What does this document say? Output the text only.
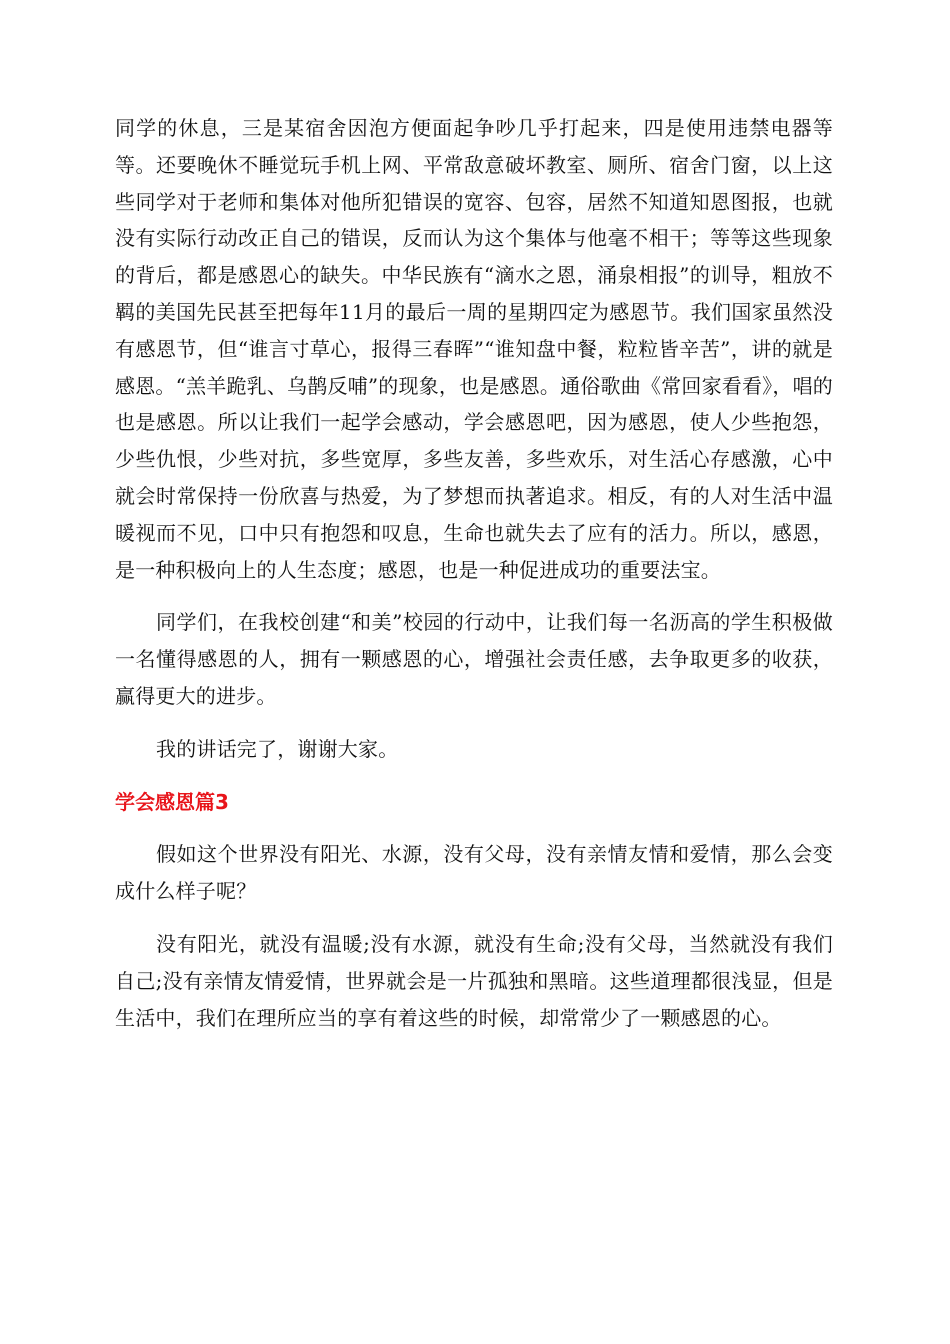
同学的休息，三是某宿舍因泡方便面起争吵几乎打起来，四是使用违禁电器等等。还要晚休不睡觉玩手机上网、平常敌意破坏教室、厕所、宿舍门窗，以上这些同学对于老师和集体对他所犯错误的宽容、包容，居然不知道知恩图报，也就没有实际行动改正自己的错误，反而认为这个集体与他毫不相干；等等这些现象的背后，都是感恩心的缺失。中华民族有“滴水之恩，涌泉相报”的训导，粗放不羁的美国先民甚至把每年11月的最后一周的星期四定为感恩节。我们国家虽然没有感恩节，但“谁言寸草心，报得三春晖”“谁知盘中餐，粒粒皆辛苦”，讲的就是感恩。“羔羊跪乳、乌鹊反哺”的现象，也是感恩。通俗歌曲《常回家看看》，唱的也是感恩。所以让我们一起学会感动，学会感恩吧，因为感恩，使人少些抱怨，少些仇恨，少些对抗，多些宽厚，多些友善，多些欢乐，对生活心存感激，心中就会时常保持一份欣喜与热爱，为了梦想而执著追求。相反，有的人对生活中温暖视而不见，口中只有抱怨和叹息，生命也就失去了应有的活力。所以，感恩，是一种积极向上的人生态度；感恩，也是一种促进成功的重要法宝。

同学们，在我校创建“和美”校园的行动中，让我们每一名沥高的学生积极做一名懂得感恩的人，拥有一颗感恩的心，增强社会责任感，去争取更多的收获，赢得更大的进步。

我的讲话完了，谢谢大家。

学会感恩篇3

假如这个世界没有阳光、水源，没有父母，没有亲情友情和爱情，那么会变成什么样子呢？

没有阳光，就没有温暖;没有水源，就没有生命;没有父母，当然就没有我们自己;没有亲情友情爱情，世界就会是一片孤独和黑暗。这些道理都很浅显，但是生活中，我们在理所应当的享有着这些的时候，却常常少了一颗感恩的心。
